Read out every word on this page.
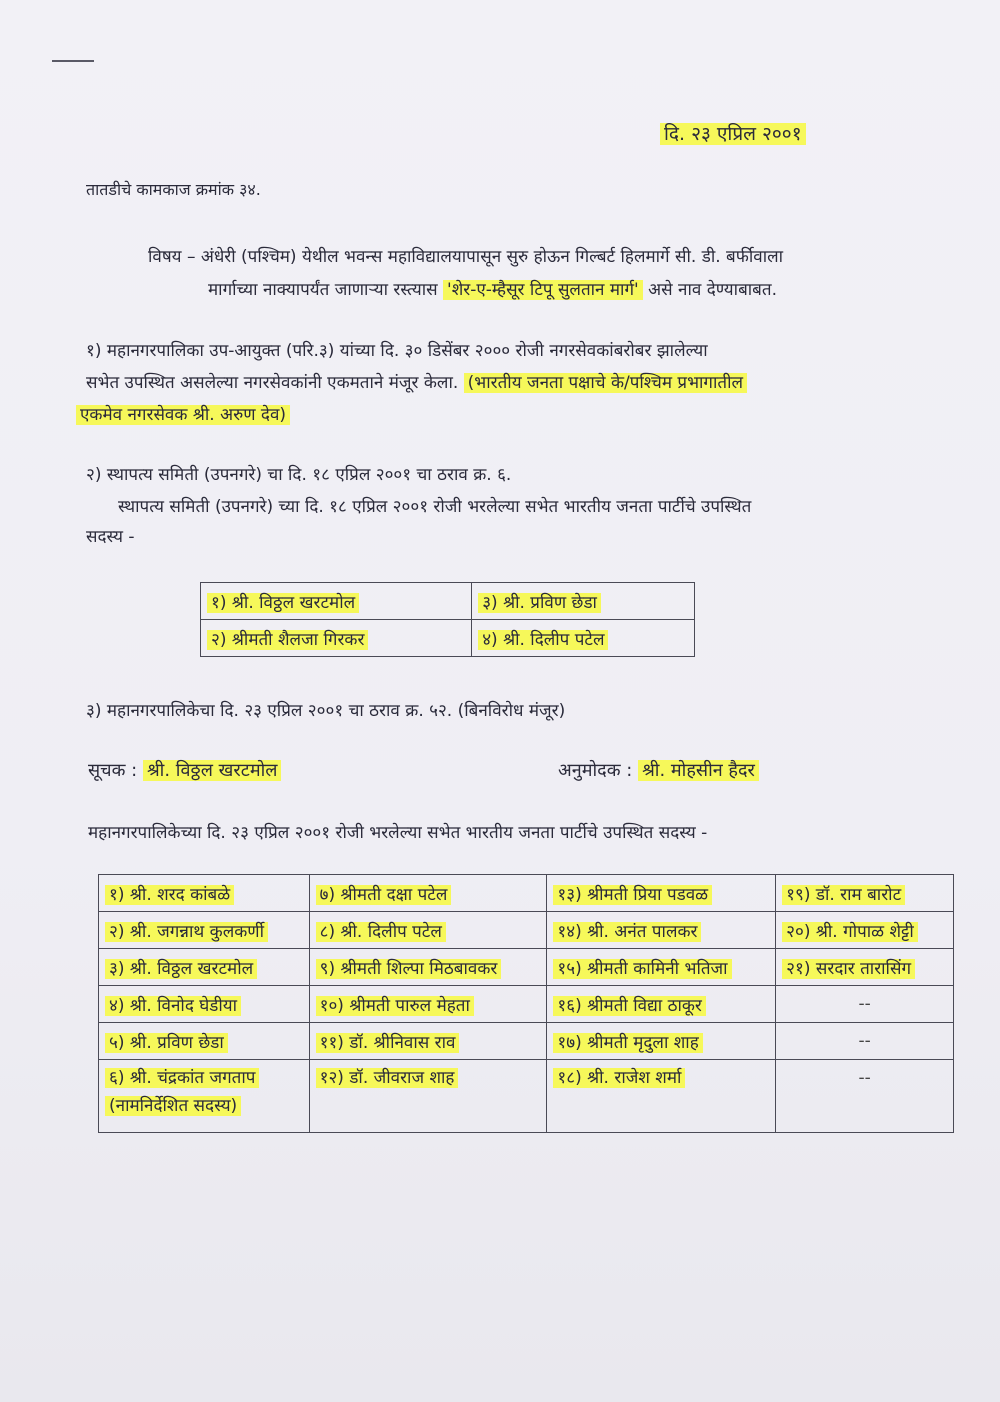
दि. २३ एप्रिल २००१
तातडीचे कामकाज क्रमांक ३४.
विषय – अंधेरी (पश्चिम) येथील भवन्स महाविद्यालयापासून सुरु होऊन गिल्बर्ट हिलमार्गे सी. डी. बर्फीवाला
मार्गाच्या नाक्यापर्यंत जाणाऱ्या रस्त्यास 'शेर-ए-म्हैसूर टिपू सुलतान मार्ग' असे नाव देण्याबाबत.
१) महानगरपालिका उप-आयुक्त (परि.३) यांच्या दि. ३० डिसेंबर २००० रोजी नगरसेवकांबरोबर झालेल्या
सभेत उपस्थित असलेल्या नगरसेवकांनी एकमताने मंजूर केला. (भारतीय जनता पक्षाचे के/पश्चिम प्रभागातील
एकमेव नगरसेवक श्री. अरुण देव)
२) स्थापत्य समिती (उपनगरे) चा दि. १८ एप्रिल २००१ चा ठराव क्र. ६.
स्थापत्य समिती (उपनगरे) च्या दि. १८ एप्रिल २००१ रोजी भरलेल्या सभेत भारतीय जनता पार्टीचे उपस्थित
सदस्य -
१) श्री. विठ्ठल खरटमोल	३) श्री. प्रविण छेडा
२) श्रीमती शैलजा गिरकर	४) श्री. दिलीप पटेल
३) महानगरपालिकेचा दि. २३ एप्रिल २००१ चा ठराव क्र. ५२. (बिनविरोध मंजूर)
सूचक : श्री. विठ्ठल खरटमोल	अनुमोदक : श्री. मोहसीन हैदर
महानगरपालिकेच्या दि. २३ एप्रिल २००१ रोजी भरलेल्या सभेत भारतीय जनता पार्टीचे उपस्थित सदस्य -
१) श्री. शरद कांबळे	७) श्रीमती दक्षा पटेल	१३) श्रीमती प्रिया पडवळ	१९) डॉ. राम बारोट
२) श्री. जगन्नाथ कुलकर्णी	८) श्री. दिलीप पटेल	१४) श्री. अनंत पालकर	२०) श्री. गोपाळ शेट्टी
३) श्री. विठ्ठल खरटमोल	९) श्रीमती शिल्पा मिठबावकर	१५) श्रीमती कामिनी भतिजा	२१) सरदार तारासिंग
४) श्री. विनोद घेडीया	१०) श्रीमती पारुल मेहता	१६) श्रीमती विद्या ठाकूर	--
५) श्री. प्रविण छेडा	११) डॉ. श्रीनिवास राव	१७) श्रीमती मृदुला शाह	--
६) श्री. चंद्रकांत जगताप
(नामनिर्देशित सदस्य)	१२) डॉ. जीवराज शाह	१८) श्री. राजेश शर्मा	--
